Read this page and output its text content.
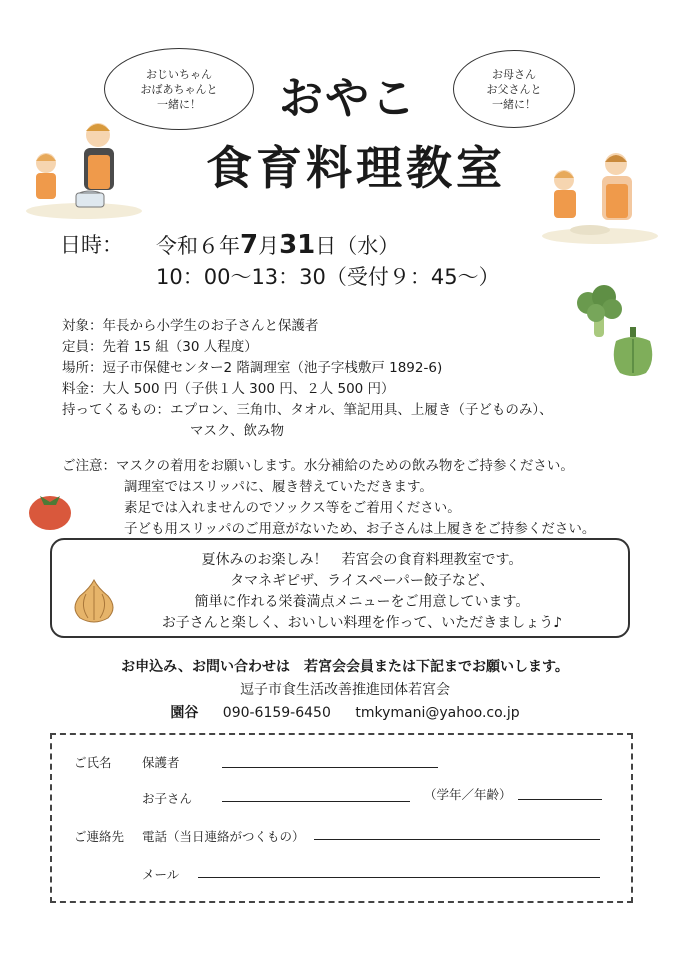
おじいちゃん
おばあちゃんと
一緒に！
お母さん
お父さんと
一緒に！
おやこ
食育料理教室
日時： 令和６年7月31日（水）
10：00〜13：30（受付９：45〜）
対象：年長から小学生のお子さんと保護者
定員：先着 15 組（30 人程度）
場所：逗子市保健センター2 階調理室（池子字桟敷戸 1892-6)
料金：大人 500 円（子供１人 300 円、２人 500 円）
持ってくるもの：エプロン、三角巾、タオル、筆記用具、上履き（子どものみ）、
マスク、飲み物
ご注意：マスクの着用をお願いします。水分補給のための飲み物をご持参ください。
調理室ではスリッパに、履き替えていただきます。
素足では入れませんのでソックス等をご着用ください。
子ども用スリッパのご用意がないため、お子さんは上履きをご持参ください。
夏休みのお楽しみ！　若宮会の食育料理教室です。
タマネギピザ、ライスペーパー餃子など、
簡単に作れる栄養満点メニューをご用意しています。
お子さんと楽しく、おいしい料理を作って、いただきましょう♪
お申込み、お問い合わせは　若宮会会員または下記までお願いします。
逗子市食生活改善推進団体若宮会
園谷 090-6159-6450 tmkymani@yahoo.co.jp
ご氏名 保護者
お子さん	（学年／年齢）
ご連絡先 電話（当日連絡がつくもの）
メール
